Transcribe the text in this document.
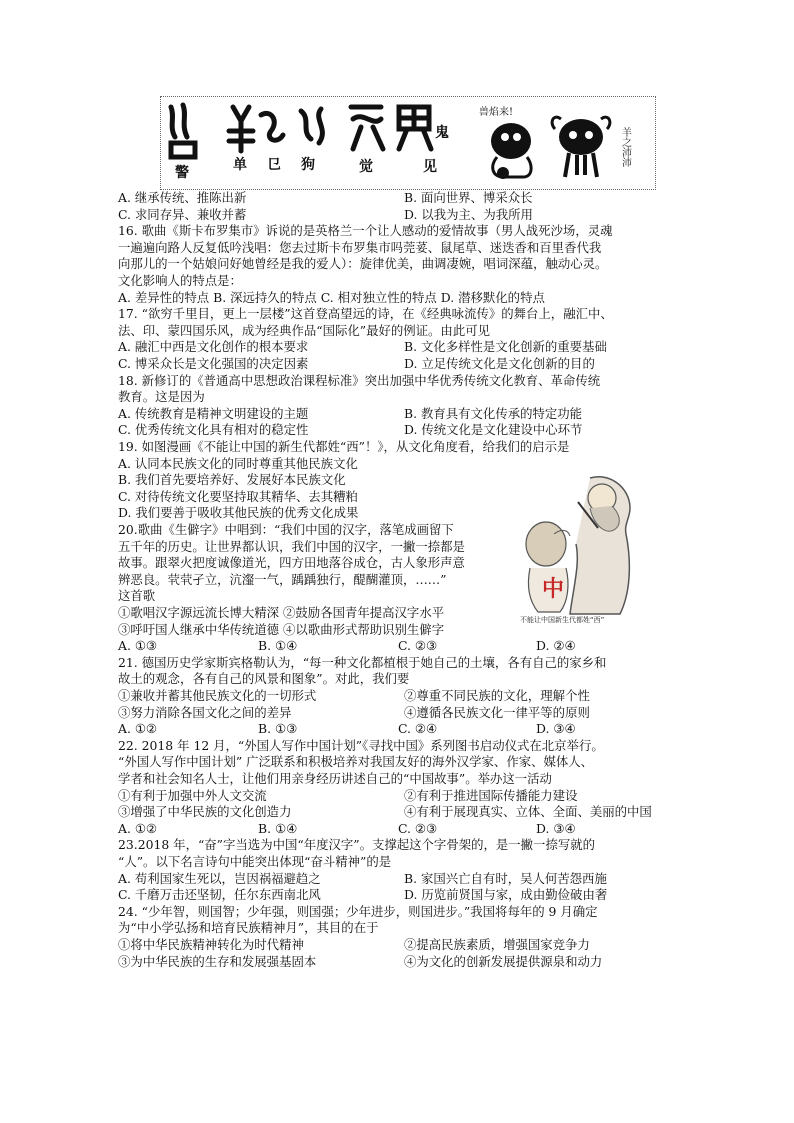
警	单 㔾 狗	觉	见
鬼
兽焰来!
羊之沛沛
A. 继承传统、推陈出新	B. 面向世界、博采众长
C. 求同存异、兼收并蓄	D. 以我为主、为我所用
16. 歌曲《斯卡布罗集市》诉说的是英格兰一个让人感动的爱情故事（男人战死沙场，灵魂
一遍遍向路人反复低吟浅唱：您去过斯卡布罗集市吗莞荽、鼠尾草、迷迭香和百里香代我
向那儿的一个姑娘问好她曾经是我的爱人）：旋律优美，曲调凄婉，唱词深蕴，触动心灵。
文化影响人的特点是：
A. 差异性的特点 B. 深远持久的特点 C. 相对独立性的特点 D. 潜移默化的特点
17. “欲穷千里目，更上一层楼”这首登高望远的诗，在《经典咏流传》的舞台上，融汇中、
法、印、蒙四国乐风，成为经典作品“国际化”最好的例证。由此可见
A. 融汇中西是文化创作的根本要求	B. 文化多样性是文化创新的重要基础
C. 博采众长是文化强国的决定因素	D. 立足传统文化是文化创新的目的
18. 新修订的《普通高中思想政治课程标准》突出加强中华优秀传统文化教育、革命传统
教育。这是因为
A. 传统教育是精神文明建设的主题	B. 教育具有文化传承的特定功能
C. 优秀传统文化具有相对的稳定性	D. 传统文化是文化建设中心环节
19. 如图漫画《不能让中国的新生代都姓“西”！》，从文化角度看，给我们的启示是
A. 认同本民族文化的同时尊重其他民族文化
B. 我们首先要培养好、发展好本民族文化
C. 对待传统文化要坚持取其精华、去其糟粕
D. 我们要善于吸收其他民族的优秀文化成果
20.歌曲《生僻字》中唱到：“我们中国的汉字，落笔成画留下
五千年的历史。让世界都认识，我们中国的汉字，一撇一捺都是
故事。跟翠火把度诚像道光，四方田地落谷成仓，古人象形声意
辨恶良。茕茕孑立，沆瀣一气，踽踽独行，醍醐灌顶，……”
这首歌
①歌唱汉字源远流长博大精深 ②鼓励各国青年提高汉字水平
③呼吁国人继承中华传统道德 ④以歌曲形式帮助识别生僻字
A. ①③	B. ①④	C. ②③	D. ②④
21. 德国历史学家斯宾格勒认为，“每一种文化都植根于她自己的土壤，各有自己的家乡和
故土的观念，各有自己的风景和图象”。对此，我们要
①兼收并蓄其他民族文化的一切形式	②尊重不同民族的文化，理解个性
③努力消除各国文化之间的差异	④遵循各民族文化一律平等的原则
A. ①②	B. ①③	C. ②④	D. ③④
22. 2018 年 12 月，“外国人写作中国计划”《寻找中国》系列图书启动仪式在北京举行。
“外国人写作中国计划” 广泛联系和积极培养对我国友好的海外汉学家、作家、媒体人、
学者和社会知名人士，让他们用亲身经历讲述自己的“中国故事”。举办这一活动
①有利于加强中外人文交流	②有利于推进国际传播能力建设
③增强了中华民族的文化创造力	④有利于展现真实、立体、全面、美丽的中国
A. ①②	B. ①④	C. ②③	D. ③④
23.2018 年，“奋”字当选为中国“年度汉字”。支撑起这个字骨架的，是一撇一捺写就的
“人”。以下名言诗句中能突出体现“奋斗精神”的是
A. 苟利国家生死以，岂因祸福避趋之	B. 家国兴亡自有时，吴人何苦怨西施
C. 千磨万击还坚韧，任尔东西南北风	D. 历览前贤国与家，成由勤俭破由奢
24. “少年智，则国智；少年强，则国强；少年进步，则国进步。”我国将每年的 9 月确定
为“中小学弘扬和培育民族精神月”，其目的在于
①将中华民族精神转化为时代精神	②提高民族素质，增强国家竞争力
③为中华民族的生存和发展强基固本	④为文化的创新发展提供源泉和动力
中
不能让中国新生代都姓“西”
